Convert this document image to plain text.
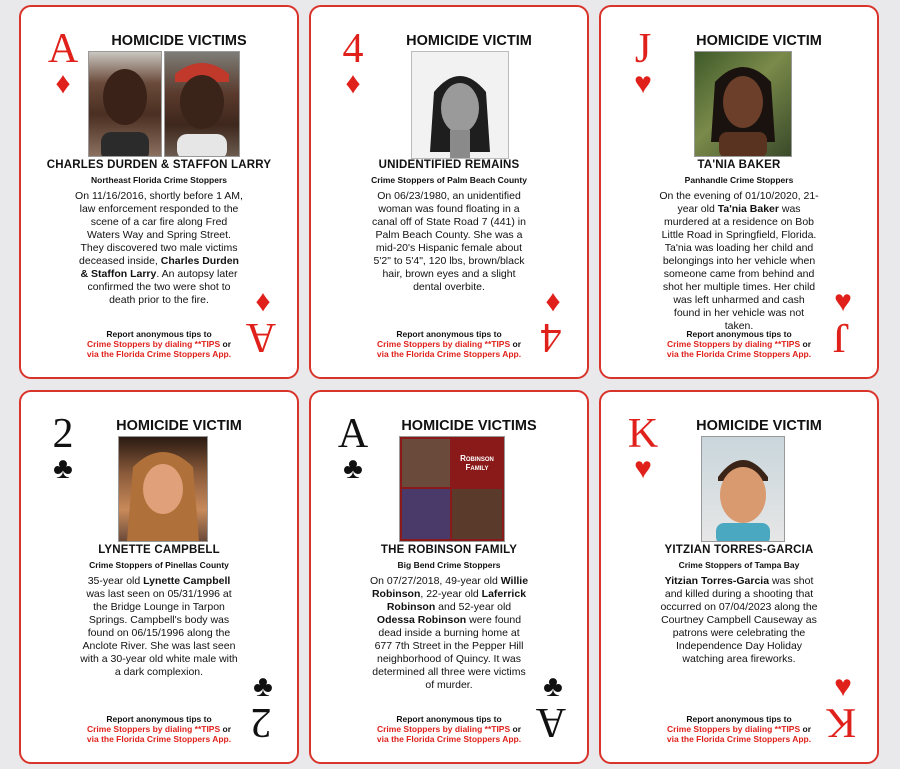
A
♦
HOMICIDE VICTIMS
CHARLES DURDEN & STAFFON LARRY
Northeast Florida Crime Stoppers
On 11/16/2016, shortly before 1 AM, law enforcement responded to the scene of a car fire along Fred Waters Way and Spring Street. They discovered two male victims deceased inside, Charles Durden & Staffon Larry. An autopsy later confirmed the two were shot to death prior to the fire.	♦
A
Report anonymous tips to
Crime Stoppers by dialing **TIPS or
via the Florida Crime Stoppers App.
4
♦
HOMICIDE VICTIM
UNIDENTIFIED REMAINS
Crime Stoppers of Palm Beach County
On 06/23/1980, an unidentified woman was found floating in a canal off of State Road 7 (441) in Palm Beach County. She was a mid-20's Hispanic female about 5'2" to 5'4", 120 lbs, brown/black hair, brown eyes and a slight dental overbite.	♦
4
Report anonymous tips to
Crime Stoppers by dialing **TIPS or
via the Florida Crime Stoppers App.
J
♥
HOMICIDE VICTIM
TA'NIA BAKER
Panhandle Crime Stoppers
On the evening of 01/10/2020, 21-year old Ta'nia Baker was murdered at a residence on Bob Little Road in Springfield, Florida. Ta'nia was loading her child and belongings into her vehicle when someone came from behind and shot her multiple times. Her child was left unharmed and cash found in her vehicle was not taken.
♥
J
Report anonymous tips to
Crime Stoppers by dialing **TIPS or
via the Florida Crime Stoppers App.
2
♣
HOMICIDE VICTIM
LYNETTE CAMPBELL
Crime Stoppers of Pinellas County
35-year old Lynette Campbell was last seen on 05/31/1996 at the Bridge Lounge in Tarpon Springs. Campbell's body was found on 06/15/1996 along the Anclote River. She was last seen with a 30-year old white male with a dark complexion.	♣
2
Report anonymous tips to
Crime Stoppers by dialing **TIPS or
via the Florida Crime Stoppers App.
A
♣
HOMICIDE VICTIMS
Robinson Family
THE ROBINSON FAMILY
Big Bend Crime Stoppers
On 07/27/2018, 49-year old Willie Robinson, 22-year old Laferrick Robinson and 52-year old Odessa Robinson were found dead inside a burning home at 677 7th Street in the Pepper Hill neighborhood of Quincy. It was determined all three were victims of murder.	♣
A
Report anonymous tips to
Crime Stoppers by dialing **TIPS or
via the Florida Crime Stoppers App.
K
♥
HOMICIDE VICTIM
YITZIAN TORRES-GARCIA
Crime Stoppers of Tampa Bay
Yitzian Torres-Garcia was shot and killed during a shooting that occurred on 07/04/2023 along the Courtney Campbell Causeway as patrons were celebrating the Independence Day Holiday watching area fireworks.
♥
K
Report anonymous tips to
Crime Stoppers by dialing **TIPS or
via the Florida Crime Stoppers App.
